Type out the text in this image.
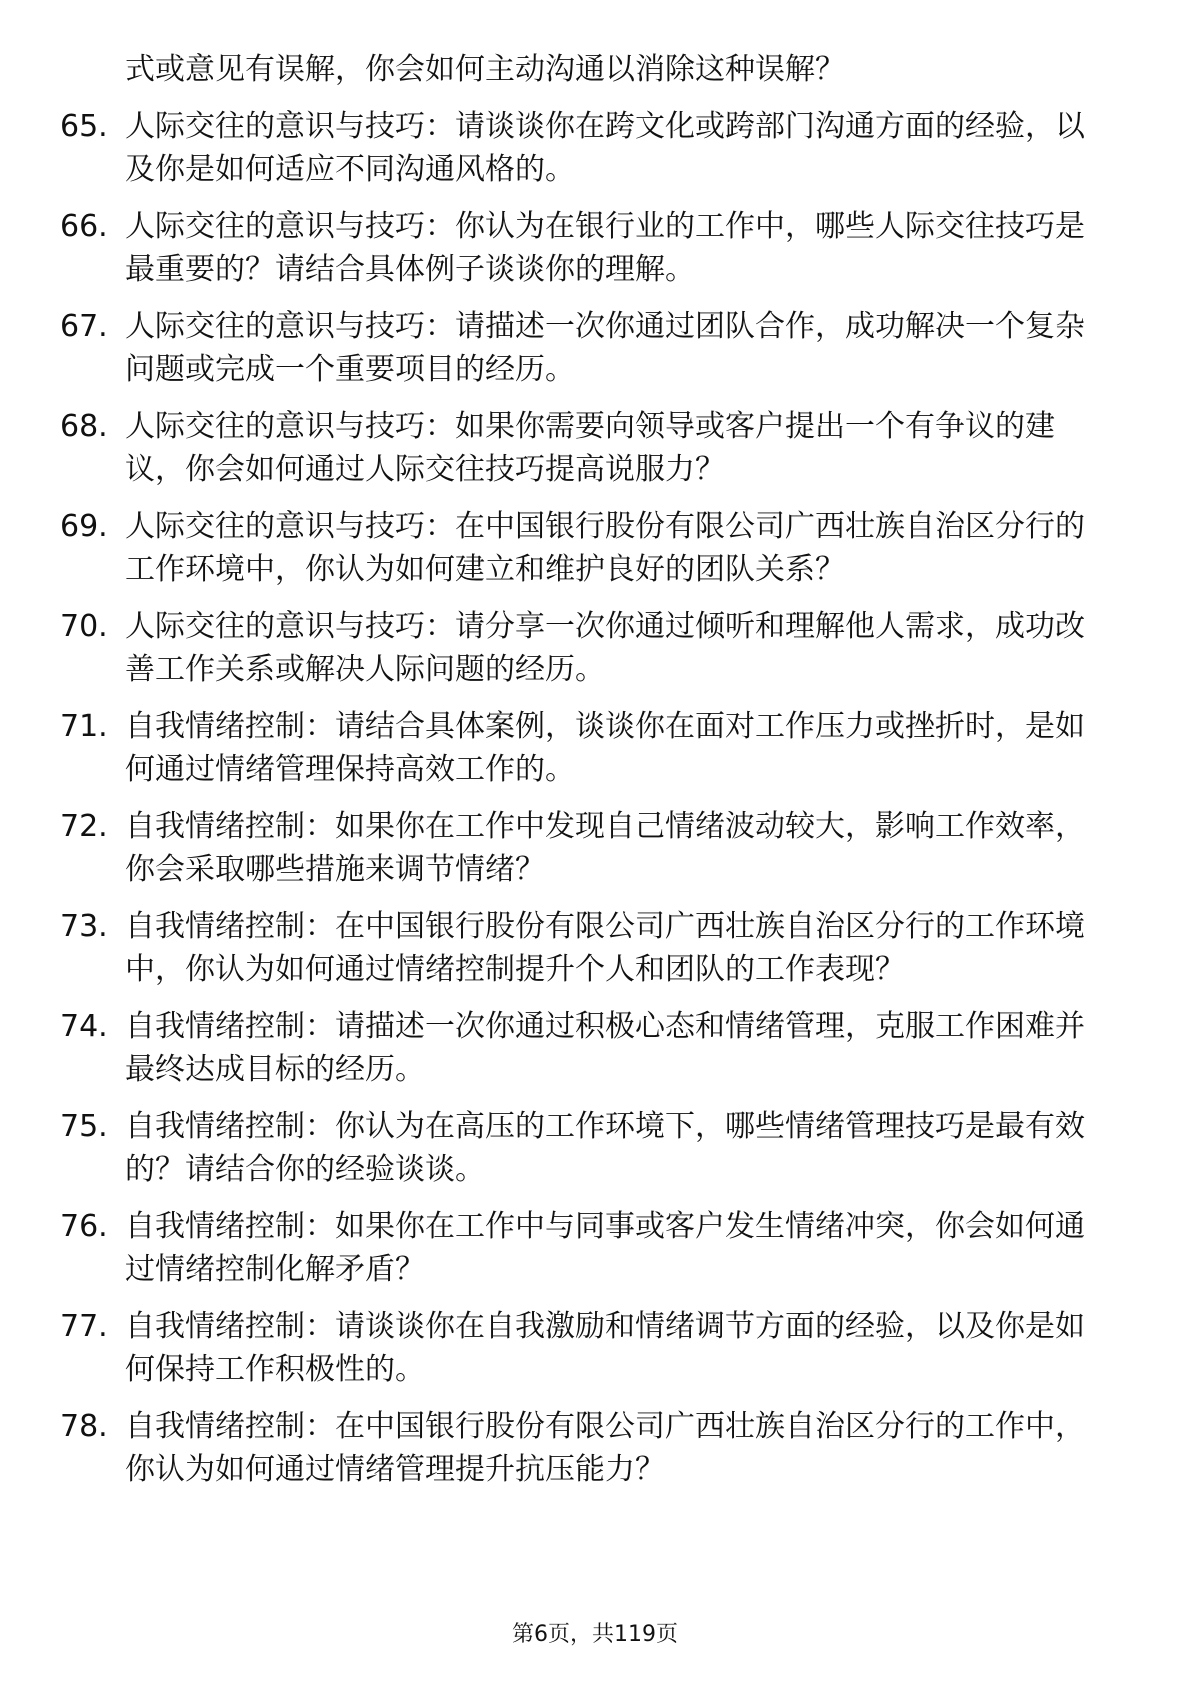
式或意见有误解，你会如何主动沟通以消除这种误解？
65. 人际交往的意识与技巧：请谈谈你在跨文化或跨部门沟通方面的经验，以及你是如何适应不同沟通风格的。
66. 人际交往的意识与技巧：你认为在银行业的工作中，哪些人际交往技巧是最重要的？请结合具体例子谈谈你的理解。
67. 人际交往的意识与技巧：请描述一次你通过团队合作，成功解决一个复杂问题或完成一个重要项目的经历。
68. 人际交往的意识与技巧：如果你需要向领导或客户提出一个有争议的建议，你会如何通过人际交往技巧提高说服力？
69. 人际交往的意识与技巧：在中国银行股份有限公司广西壮族自治区分行的工作环境中，你认为如何建立和维护良好的团队关系？
70. 人际交往的意识与技巧：请分享一次你通过倾听和理解他人需求，成功改善工作关系或解决人际问题的经历。
71. 自我情绪控制：请结合具体案例，谈谈你在面对工作压力或挫折时，是如何通过情绪管理保持高效工作的。
72. 自我情绪控制：如果你在工作中发现自己情绪波动较大，影响工作效率，你会采取哪些措施来调节情绪？
73. 自我情绪控制：在中国银行股份有限公司广西壮族自治区分行的工作环境中，你认为如何通过情绪控制提升个人和团队的工作表现？
74. 自我情绪控制：请描述一次你通过积极心态和情绪管理，克服工作困难并最终达成目标的经历。
75. 自我情绪控制：你认为在高压的工作环境下，哪些情绪管理技巧是最有效的？请结合你的经验谈谈。
76. 自我情绪控制：如果你在工作中与同事或客户发生情绪冲突，你会如何通过情绪控制化解矛盾？
77. 自我情绪控制：请谈谈你在自我激励和情绪调节方面的经验，以及你是如何保持工作积极性的。
78. 自我情绪控制：在中国银行股份有限公司广西壮族自治区分行的工作中，你认为如何通过情绪管理提升抗压能力？
第6页，共119页
